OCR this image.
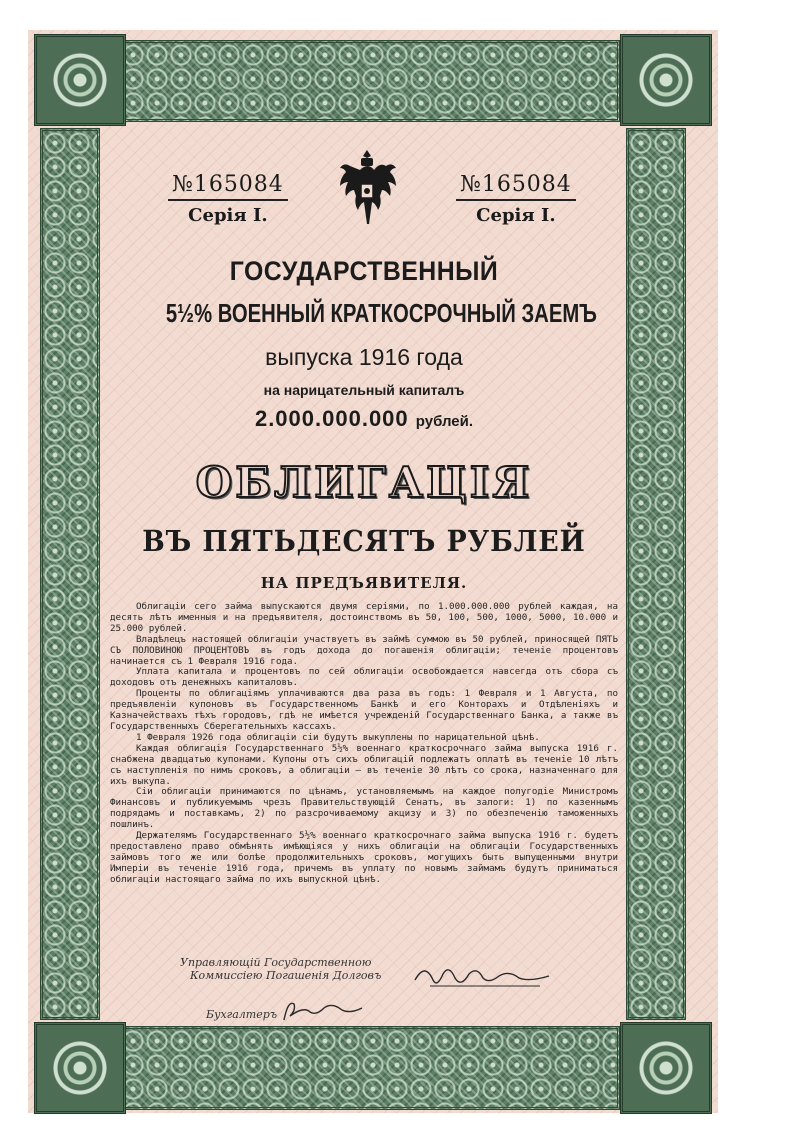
№165084
Серія I.
№165084
Серія I.
ГОСУДАРСТВЕННЫЙ
5½% ВОЕННЫЙ КРАТКОСРОЧНЫЙ ЗАЕМЪ
выпуска 1916 года
на нарицательный капиталъ
2.000.000.000 рублей.
ОБЛИГАЦІЯ
ВЪ ПЯТЬДЕСЯТЪ РУБЛЕЙ
НА ПРЕДЪЯВИТЕЛЯ.

Облигаціи сего займа выпускаются двумя серіями, по 1.000.000.000 рублей каждая, на десять лѣтъ именныя и на предъявителя, достоинствомъ въ 50, 100, 500, 1000, 5000, 10.000 и 25.000 рублей.

Владѣлецъ настоящей облигаціи участвуетъ въ займѣ суммою въ 50 рублей, приносящей ПЯТЬ СЪ ПОЛОВИНОЮ ПРОЦЕНТОВЪ въ годъ дохода до погашенія облигаціи; теченіе процентовъ начинается съ 1 Февраля 1916 года.

Уплата капитала и процентовъ по сей облигаціи освобождается навсегда отъ сбора съ доходовъ отъ денежныхъ капиталовъ.

Проценты по облигаціямъ уплачиваются два раза въ годъ: 1 Февраля и 1 Августа, по предъявленіи купоновъ въ Государственномъ Банкѣ и его Конторахъ и Отдѣленіяхъ и Казначействахъ тѣхъ городовъ, гдѣ не имѣется учрежденій Государственнаго Банка, а также въ Государственныхъ Сберегательныхъ кассахъ.

1 Февраля 1926 года облигаціи сіи будутъ выкуплены по нарицательной цѣнѣ.

Каждая облигація Государственнаго 5½% военнаго краткосрочнаго займа выпуска 1916 г. снабжена двадцатью купонами. Купоны отъ сихъ облигацій подлежатъ оплатѣ въ теченіе 10 лѣтъ съ наступленія по нимъ сроковъ, а облигаціи — въ теченіе 30 лѣтъ со срока, назначеннаго для ихъ выкупа.

Сіи облигаціи принимаются по цѣнамъ, установляемымъ на каждое полугодіе Министромъ Финансовъ и публикуемымъ чрезъ Правительствующій Сенатъ, въ залоги: 1) по казеннымъ подрядамъ и поставкамъ, 2) по разсрочиваемому акцизу и 3) по обезпеченію таможенныхъ пошлинъ.

Держателямъ Государственнаго 5½% военнаго краткосрочнаго займа выпуска 1916 г. будетъ предоставлено право обмѣнять имѣющіяся у нихъ облигаціи на облигаціи Государственныхъ займовъ того же или болѣе продолжительныхъ сроковъ, могущихъ быть выпущенными внутри Имперіи въ теченіе 1916 года, причемъ въ уплату по новымъ займамъ будутъ приниматься облигаціи настоящаго займа по ихъ выпускной цѣнѣ.

Управляющій Государственною
Коммиссіею Погашенія Долговъ
Бухгалтеръ
